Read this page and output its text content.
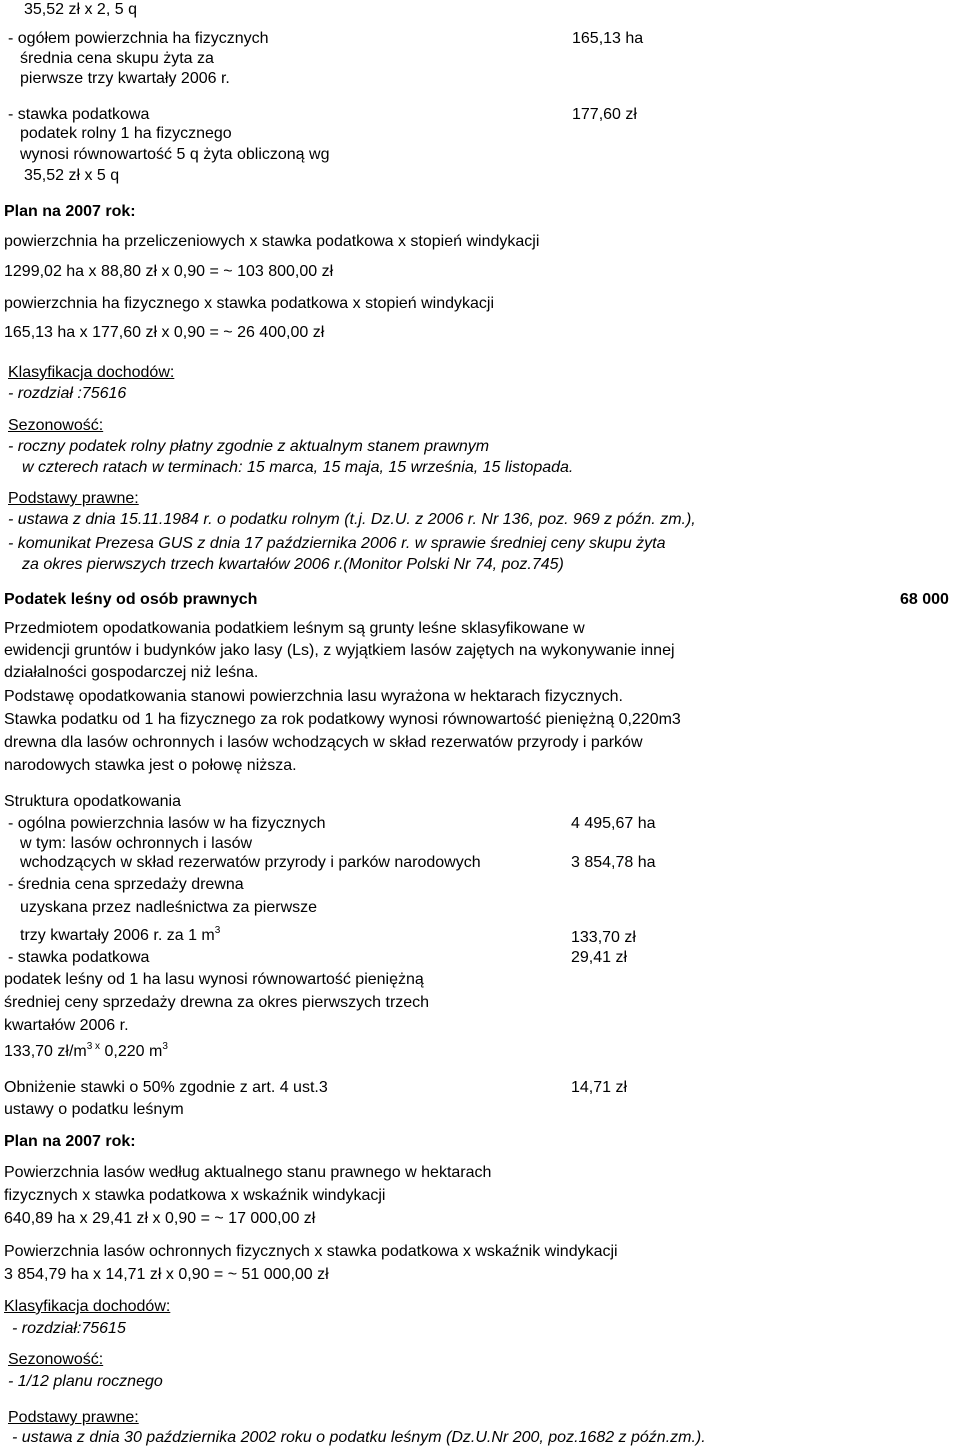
35,52 zł x 2, 5 q
- ogółem powierzchnia ha fizycznych	165,13 ha
średnia cena skupu żyta za
pierwsze trzy kwartały 2006 r.
- stawka podatkowa	177,60 zł
podatek rolny 1 ha fizycznego
wynosi równowartość 5 q żyta obliczoną wg
35,52 zł x 5 q
Plan na 2007 rok:
powierzchnia ha przeliczeniowych x stawka podatkowa x stopień windykacji
1299,02 ha x 88,80 zł x 0,90 = ~ 103 800,00 zł
powierzchnia ha fizycznego x stawka podatkowa x stopień windykacji
165,13 ha x 177,60 zł x 0,90 = ~ 26 400,00 zł
Klasyfikacja dochodów:
- rozdział :75616
Sezonowość:
- roczny podatek rolny płatny zgodnie z aktualnym stanem prawnym
w czterech ratach w terminach: 15 marca, 15 maja, 15 września, 15 listopada.
Podstawy prawne:
- ustawa z dnia 15.11.1984 r. o podatku rolnym (t.j. Dz.U. z 2006 r. Nr 136, poz. 969 z późn. zm.),
- komunikat Prezesa GUS z dnia 17 października 2006 r. w sprawie średniej ceny skupu żyta
za okres pierwszych trzech kwartałów 2006 r.(Monitor Polski Nr 74, poz.745)
Podatek leśny od osób prawnych	68 000
Przedmiotem opodatkowania podatkiem leśnym są grunty leśne sklasyfikowane w
ewidencji gruntów i budynków jako lasy (Ls), z wyjątkiem lasów zajętych na wykonywanie innej
działalności gospodarczej niż leśna.
Podstawę opodatkowania stanowi powierzchnia lasu wyrażona w hektarach fizycznych.
Stawka podatku od 1 ha fizycznego za rok podatkowy wynosi równowartość pieniężną 0,220m3
drewna dla lasów ochronnych i lasów wchodzących w skład rezerwatów przyrody i parków
narodowych stawka jest o połowę niższa.
Struktura opodatkowania
- ogólna powierzchnia lasów w ha fizycznych	4 495,67 ha
w tym: lasów ochronnych i lasów
wchodzących w skład rezerwatów przyrody i parków narodowych	3 854,78 ha
- średnia cena sprzedaży drewna
uzyskana przez nadleśnictwa za pierwsze
trzy kwartały 2006 r. za 1 $m^3$	133,70 zł
- stawka podatkowa	29,41 zł
podatek leśny od 1 ha lasu wynosi równowartość pieniężną
średniej ceny sprzedaży drewna za okres pierwszych trzech
kwartałów 2006 r.
133,70 $zł/m^{3 x}$ 0,220 $m^3$
Obniżenie stawki o 50% zgodnie z art. 4 ust.3	14,71 zł
ustawy o podatku leśnym
Plan na 2007 rok:
Powierzchnia lasów według aktualnego stanu prawnego w hektarach
fizycznych x stawka podatkowa x wskaźnik windykacji
640,89 ha x 29,41 zł x 0,90 = ~ 17 000,00 zł
Powierzchnia lasów ochronnych fizycznych x stawka podatkowa x wskaźnik windykacji
3 854,79 ha x 14,71 zł x 0,90 = ~ 51 000,00 zł
Klasyfikacja dochodów:
- rozdział:75615
Sezonowość:
- 1/12 planu rocznego
Podstawy prawne:
- ustawa z dnia 30 października 2002 roku o podatku leśnym (Dz.U.Nr 200, poz.1682 z późn.zm.).
